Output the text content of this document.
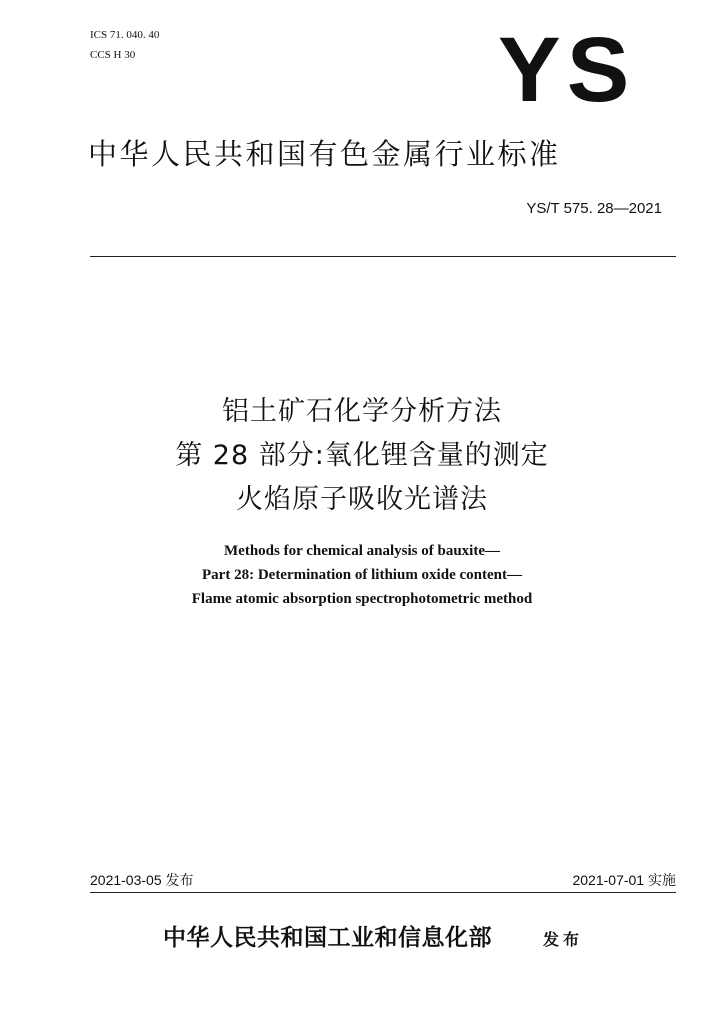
ICS 71. 040. 40
CCS H 30	YS
中华人民共和国有色金属行业标准
YS/T 575. 28—2021
铝土矿石化学分析方法
第 28 部分:氧化锂含量的测定
火焰原子吸收光谱法
Methods for chemical analysis of bauxite—
Part 28: Determination of lithium oxide content—
Flame atomic absorption spectrophotometric method
2021-03-05 发布	2021-07-01 实施
中华人民共和国工业和信息化部	发布
